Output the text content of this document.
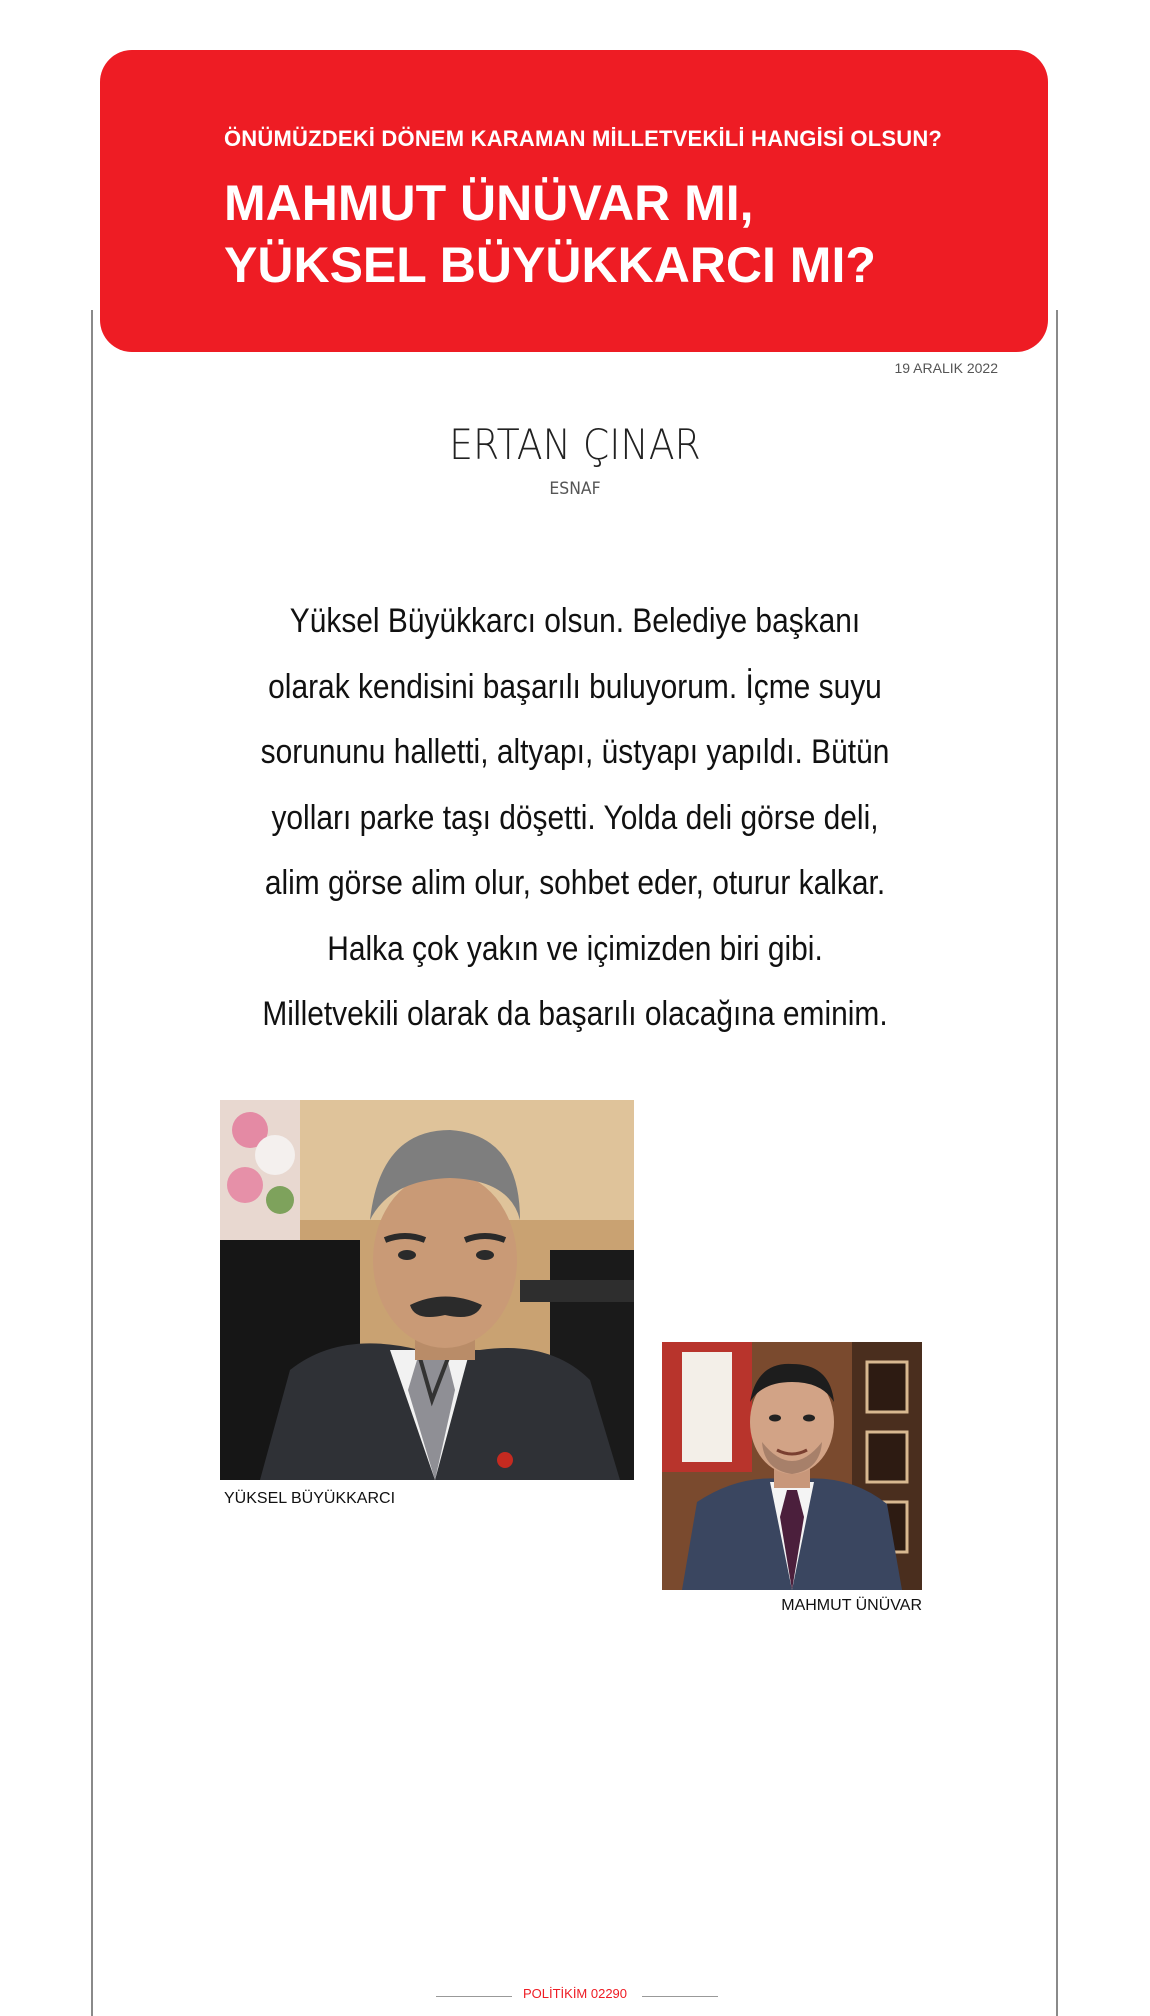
ÖNÜMÜZDEKİ DÖNEM KARAMAN MİLLETVEKİLİ HANGİSİ OLSUN?

MAHMUT ÜNÜVAR MI,
YÜKSEL BÜYÜKKARCI MI?
19 ARALIK 2022
ERTAN ÇINAR
ESNAF

Yüksel Büyükkarcı olsun. Belediye başkanı olarak kendisini başarılı buluyorum. İçme suyu sorununu halletti, altyapı, üstyapı yapıldı. Bütün yolları parke taşı döşetti. Yolda deli görse deli, alim görse alim olur, sohbet eder, oturur kalkar. Halka çok yakın ve içimizden biri gibi. Milletvekili olarak da başarılı olacağına eminim.

YÜKSEL BÜYÜKKARCI
MAHMUT ÜNÜVAR
POLİTİKİM 02290
